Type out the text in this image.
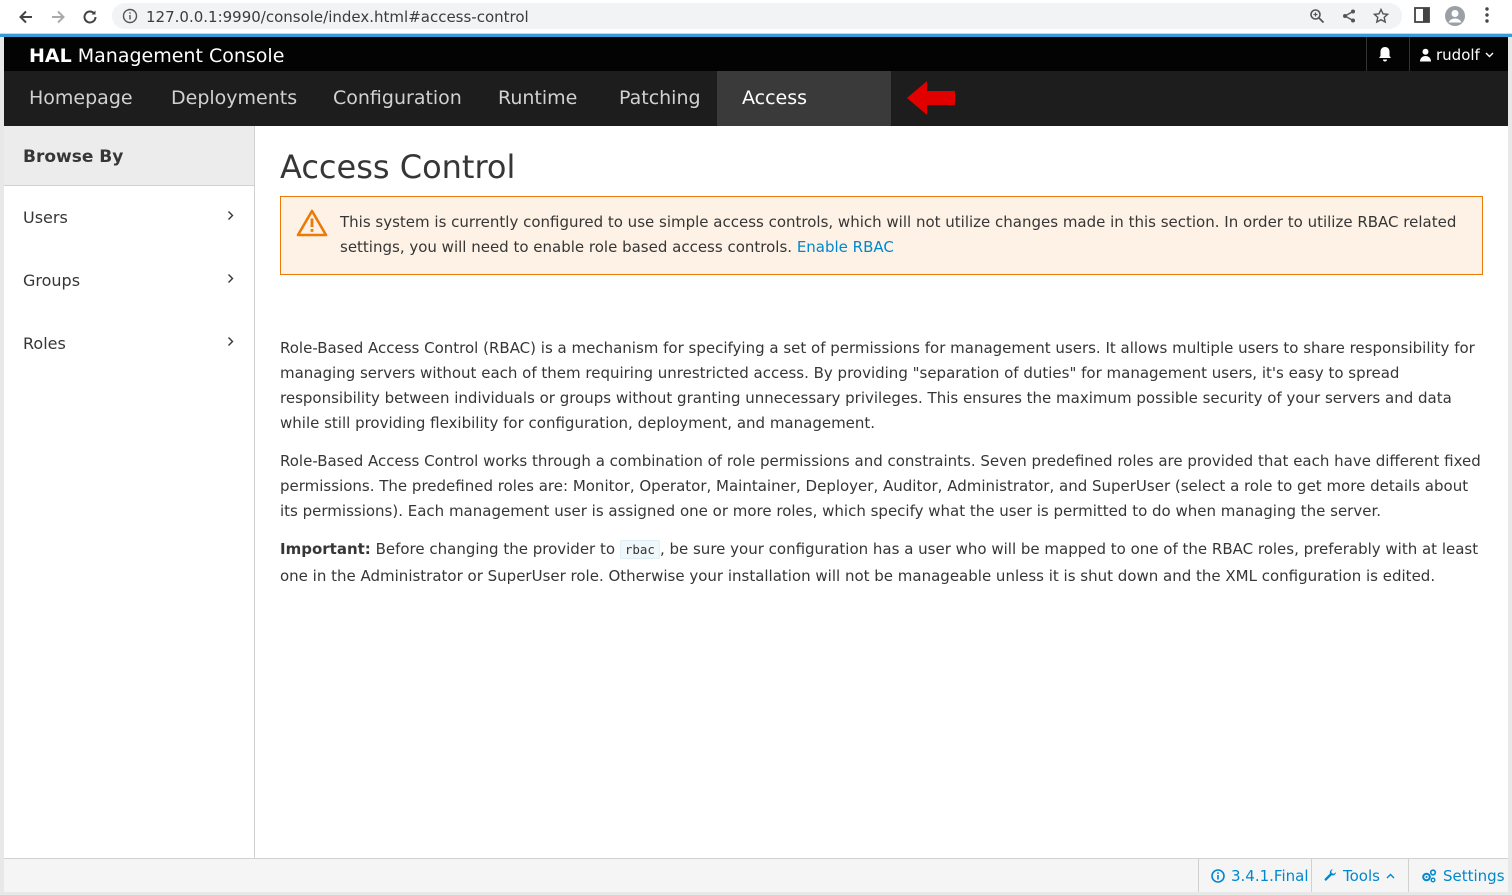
127.0.0.1:9990/console/index.html#access-control
HAL Management Console	rudolf
Homepage	Deployments	Configuration	Runtime	Patching	Access Control
Browse By
Users
Groups
Roles
Access Control
This system is currently configured to use simple access controls, which will not utilize changes made in this section. In order to utilize RBAC related settings, you will need to enable role based access controls. Enable RBAC

Role-Based Access Control (RBAC) is a mechanism for specifying a set of permissions for management users. It allows multiple users to share responsibility for managing servers without each of them requiring unrestricted access. By providing "separation of duties" for management users, it's easy to spread responsibility between individuals or groups without granting unnecessary privileges. This ensures the maximum possible security of your servers and data while still providing flexibility for configuration, deployment, and management.

Role-Based Access Control works through a combination of role permissions and constraints. Seven predefined roles are provided that each have different fixed permissions. The predefined roles are: Monitor, Operator, Maintainer, Deployer, Auditor, Administrator, and SuperUser (select a role to get more details about its permissions). Each management user is assigned one or more roles, which specify what the user is permitted to do when managing the server.

Important: Before changing the provider to rbac , be sure your configuration has a user who will be mapped to one of the RBAC roles, preferably with at least one in the Administrator or SuperUser role. Otherwise your installation will not be manageable unless it is shut down and the XML configuration is edited.

3.4.1.Final Tools	Settings
